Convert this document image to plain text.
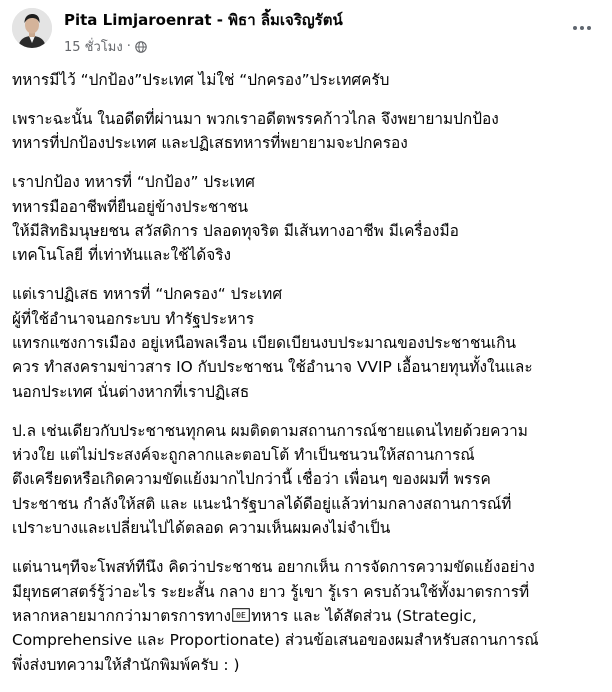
Pita Limjaroenrat - พิธา ลิ้มเจริญรัตน์
15 ชั่วโมง ·
ทหารมีไว้ “ปกป้อง”ประเทศ ไม่ใช่ “ปกครอง”ประเทศครับ
เพราะฉะนั้น ในอดีตที่ผ่านมา พวกเราอดีตพรรคก้าวไกล จึงพยายามปกป้อง
ทหารที่ปกป้องประเทศ และปฏิเสธทหารที่พยายามจะปกครอง
เราปกป้อง ทหารที่ “ปกป้อง” ประเทศ
ทหารมืออาชีพที่ยืนอยู่ข้างประชาชน
ให้มีสิทธิมนุษยชน สวัสดิการ ปลอดทุจริต มีเส้นทางอาชีพ มีเครื่องมือ
เทคโนโลยี ที่เท่าทันและใช้ได้จริง
แต่เราปฏิเสธ ทหารที่ “ปกครอง“ ประเทศ
ผู้ที่ใช้อำนาจนอกระบบ ทำรัฐประหาร
แทรกแซงการเมือง อยู่เหนือพลเรือน เบียดเบียนงบประมาณของประชาชนเกิน
ควร ทำสงครามข่าวสาร IO กับประชาชน ใช้อำนาจ VVIP เอื้อนายทุนทั้งในและ
นอกประเทศ นั่นต่างหากที่เราปฏิเสธ
ป.ล เช่นเดียวกับประชาชนทุกคน ผมติดตามสถานการณ์ชายแดนไทยด้วยความ
ห่วงใย แต่ไม่ประสงค์จะถูกลากและตอบโต้ ทำเป็นชนวนให้สถานการณ์
ตึงเครียดหรือเกิดความขัดแย้งมากไปกว่านี้ เชื่อว่า เพื่อนๆ ของผมที่ พรรค
ประชาชน กำลังให้สติ และ แนะนำรัฐบาลได้ดีอยู่แล้วท่ามกลางสถานการณ์ที่
เปราะบางและเปลี่ยนไปได้ตลอด ความเห็นผมคงไม่จำเป็น
แต่นานๆทีจะโพสท์ทีนึง คิดว่าประชาชน อยากเห็น การจัดการความขัดแย้งอย่าง
มียุทธศาสตร์รู้ว่าอะไร ระยะสั้น กลาง ยาว รู้เขา รู้เรา ครบถ้วนใช้ทั้งมาตรการที่
หลากหลายมากกว่ามาตรการทาง 0E ทหาร และ ได้สัดส่วน (Strategic,
Comprehensive และ Proportionate) ส่วนข้อเสนอของผมสำหรับสถานการณ์
พึ่งส่งบทความให้สำนักพิมพ์ครับ : )
